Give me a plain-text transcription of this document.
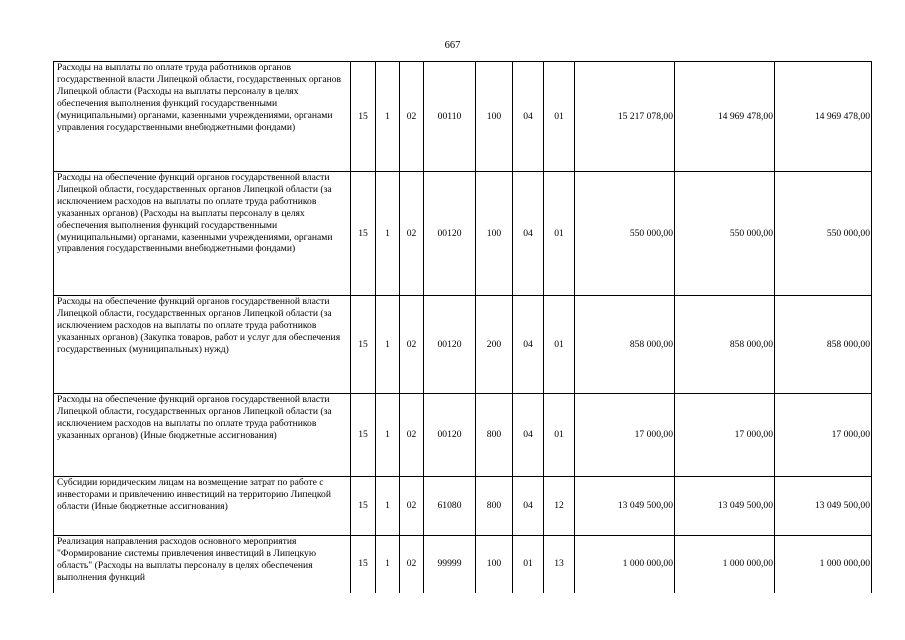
667
Расходы на выплаты по оплате труда работников органов государственной власти Липецкой области, государственных органов Липецкой области (Расходы на выплаты персоналу в целях обеспечения выполнения функций государственными (муниципальными) органами, казенными учреждениями, органами управления государственными внебюджетными фондами)	15	1	02	00110	100	04	01	15 217 078,00	14 969 478,00	14 969 478,00
Расходы на обеспечение функций органов государственной власти Липецкой области, государственных органов Липецкой области (за исключением расходов на выплаты по оплате труда работников указанных органов) (Расходы на выплаты персоналу в целях обеспечения выполнения функций государственными (муниципальными) органами, казенными учреждениями, органами управления государственными внебюджетными фондами)	15	1	02	00120	100	04	01	550 000,00	550 000,00	550 000,00
Расходы на обеспечение функций органов государственной власти Липецкой области, государственных органов Липецкой области (за исключением расходов на выплаты по оплате труда работников указанных органов) (Закупка товаров, работ и услуг для обеспечения государственных (муниципальных) нужд)	15	1	02	00120	200	04	01	858 000,00	858 000,00	858 000,00
Расходы на обеспечение функций органов государственной власти Липецкой области, государственных органов Липецкой области (за исключением расходов на выплаты по оплате труда работников указанных органов) (Иные бюджетные ассигнования)	15	1	02	00120	800	04	01	17 000,00	17 000,00	17 000,00
Субсидии юридическим лицам на возмещение затрат по работе с инвесторами и привлечению инвестиций на территорию Липецкой области (Иные бюджетные ассигнования)	15	1	02	61080	800	04	12	13 049 500,00	13 049 500,00	13 049 500,00
Реализация направления расходов основного мероприятия "Формирование системы привлечения инвестиций в Липецкую область" (Расходы на выплаты персоналу в целях обеспечения выполнения функций	15	1	02	99999	100	01	13	1 000 000,00	1 000 000,00	1 000 000,00
